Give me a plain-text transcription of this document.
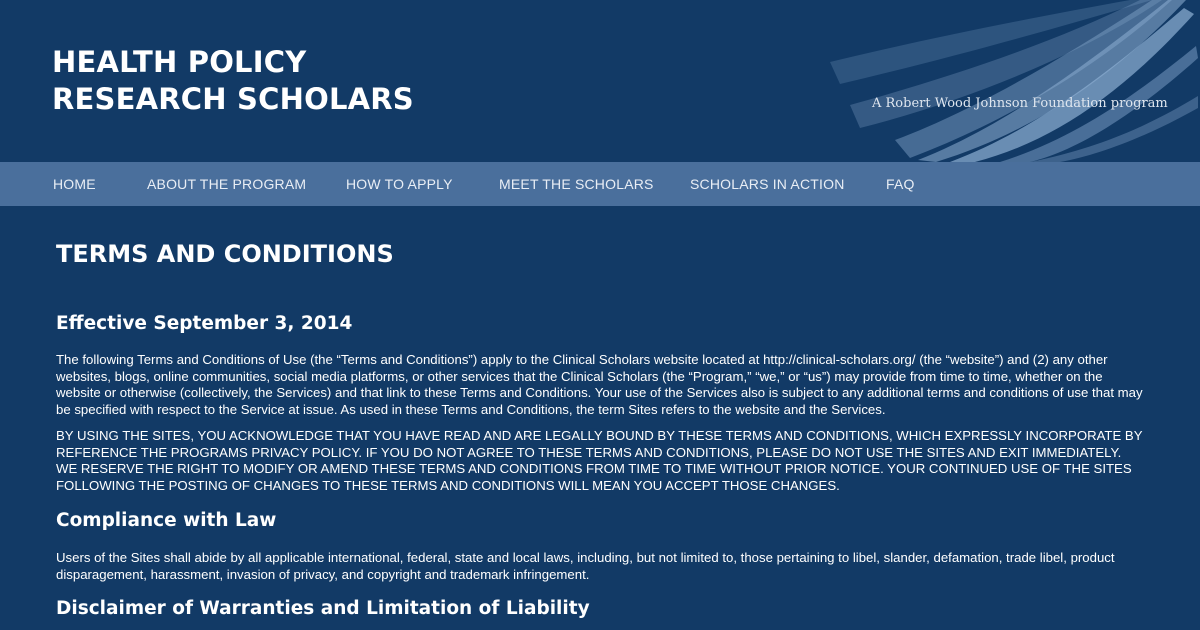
HEALTH POLICY
RESEARCH SCHOLARS	A Robert Wood Johnson Foundation program
HOME	ABOUT THE PROGRAM	HOW TO APPLY	MEET THE SCHOLARS	SCHOLARS IN ACTION	FAQ
TERMS AND CONDITIONS
Effective September 3, 2014

The following Terms and Conditions of Use (the “Terms and Conditions”) apply to the Clinical Scholars website located at http://clinical-scholars.org/ (the “website”) and (2) any other websites, blogs, online communities, social media platforms, or other services that the Clinical Scholars (the “Program,” “we,” or “us”) may provide from time to time, whether on the website or otherwise (collectively, the Services) and that link to these Terms and Conditions. Your use of the Services also is subject to any additional terms and conditions of use that may be specified with respect to the Service at issue. As used in these Terms and Conditions, the term Sites refers to the website and the Services.

BY USING THE SITES, YOU ACKNOWLEDGE THAT YOU HAVE READ AND ARE LEGALLY BOUND BY THESE TERMS AND CONDITIONS, WHICH EXPRESSLY INCORPORATE BY REFERENCE THE PROGRAMS PRIVACY POLICY. IF YOU DO NOT AGREE TO THESE TERMS AND CONDITIONS, PLEASE DO NOT USE THE SITES AND EXIT IMMEDIATELY. WE RESERVE THE RIGHT TO MODIFY OR AMEND THESE TERMS AND CONDITIONS FROM TIME TO TIME WITHOUT PRIOR NOTICE. YOUR CONTINUED USE OF THE SITES FOLLOWING THE POSTING OF CHANGES TO THESE TERMS AND CONDITIONS WILL MEAN YOU ACCEPT THOSE CHANGES.

Compliance with Law

Users of the Sites shall abide by all applicable international, federal, state and local laws, including, but not limited to, those pertaining to libel, slander, defamation, trade libel, product disparagement, harassment, invasion of privacy, and copyright and trademark infringement.

Disclaimer of Warranties and Limitation of Liability
